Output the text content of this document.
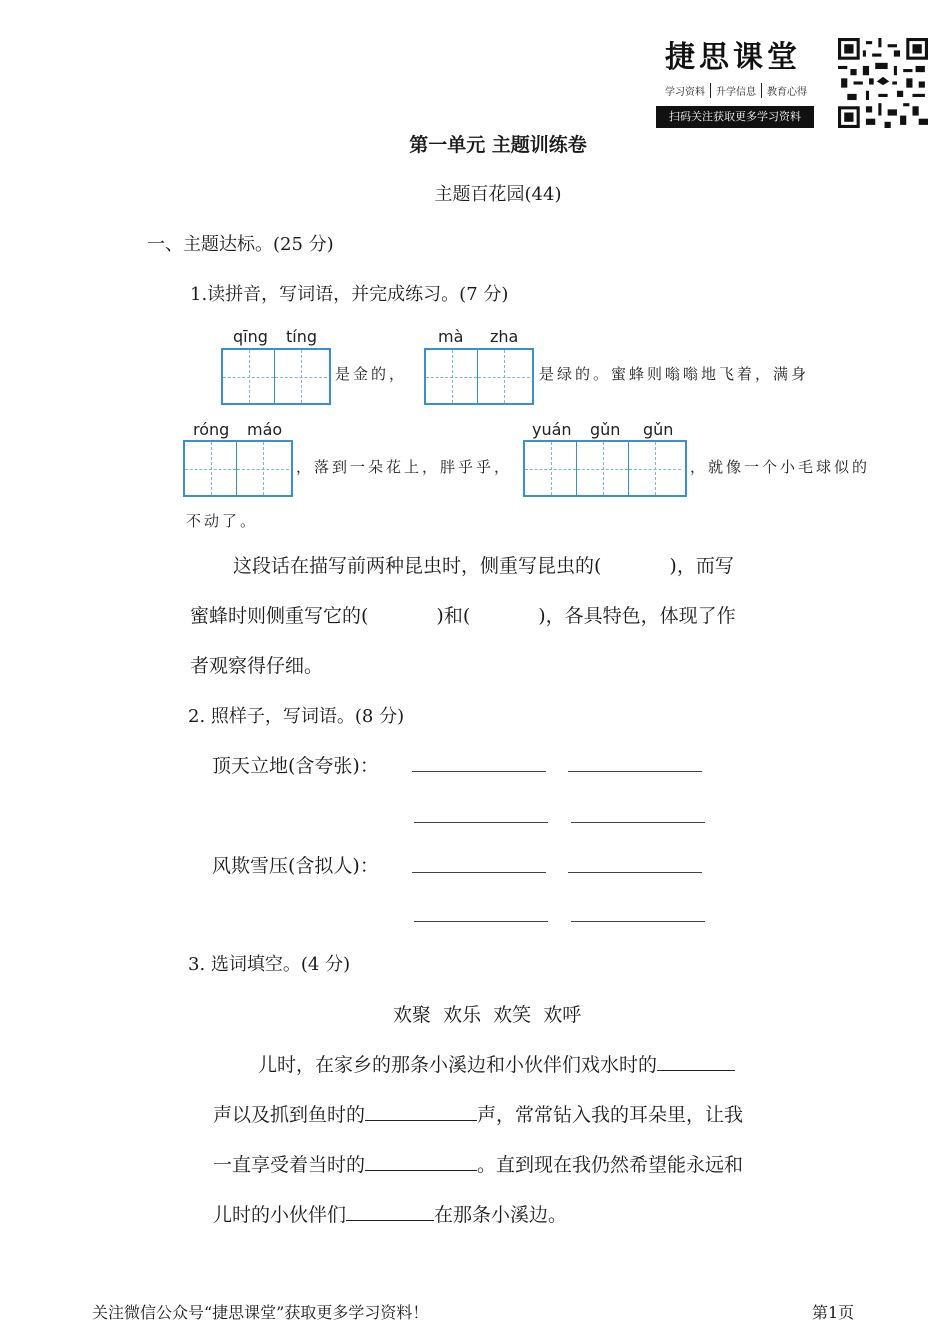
捷思课堂
学习资料 升学信息 教育心得
扫码关注获取更多学习资料
第一单元 主题训练卷
主题百花园(44)
一、主题达标。(25 分)
1.读拼音，写词语，并完成练习。(7 分)
qīng tíng	mà zha
是金的，	是绿的。蜜蜂则嗡嗡地飞着，满身
róng máo	yuán gǔn gǔn
，落到一朵花上，胖乎乎，	，就像一个小毛球似的
不动了。
这段话在描写前两种昆虫时，侧重写昆虫的(	)，而写
蜜蜂时则侧重写它的(	)和(	)，各具特色，体现了作
者观察得仔细。
2. 照样子，写词语。(8 分)
顶天立地(含夸张)：
风欺雪压(含拟人)：
3. 选词填空。(4 分)
欢聚  欢乐  欢笑  欢呼
儿时，在家乡的那条小溪边和小伙伴们戏水时的
声以及抓到鱼时的	声，常常钻入我的耳朵里，让我
一直享受着当时的	。直到现在我仍然希望能永远和
儿时的小伙伴们	在那条小溪边。
关注微信公众号“捷思课堂”获取更多学习资料！	第1页
